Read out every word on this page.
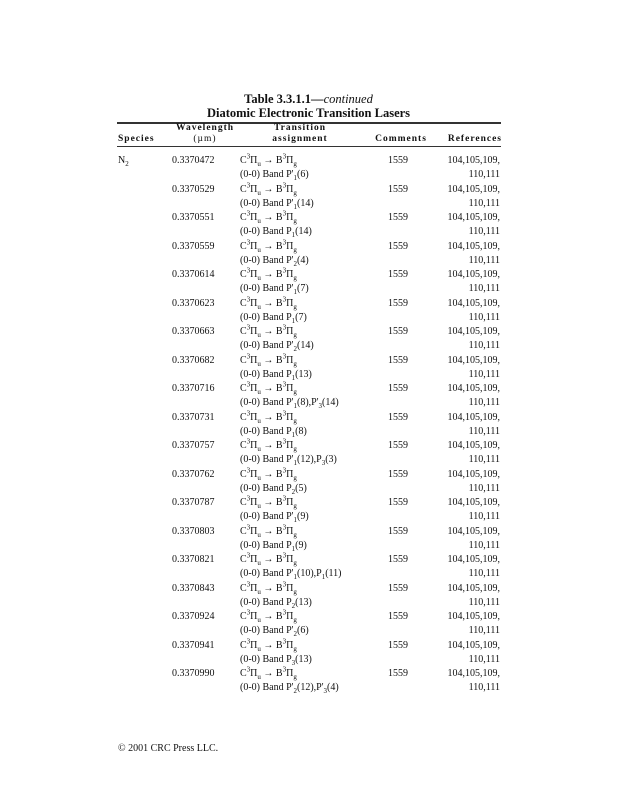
Table 3.3.1.1—continued
Diatomic Electronic Transition Lasers
Species
Wavelength
(µm)
Transition
assignment	Comments	References
$N_2$	0.3370472	$C^3\Pi_u \to B^3\Pi_g$
(0-0) Band $P'_1(6)$
1559	104,105,109,
110,111
0.3370529	$C^3\Pi_u \to B^3\Pi_g$
(0-0) Band $P'_1(14)$
1559	104,105,109,
110,111
0.3370551	$C^3\Pi_u \to B^3\Pi_g$
(0-0) Band $P_1(14)$
1559	104,105,109,
110,111
0.3370559	$C^3\Pi_u \to B^3\Pi_g$
(0-0) Band $P'_2(4)$
1559	104,105,109,
110,111
0.3370614	$C^3\Pi_u \to B^3\Pi_g$
(0-0) Band $P'_1(7)$
1559	104,105,109,
110,111
0.3370623	$C^3\Pi_u \to B^3\Pi_g$
(0-0) Band $P_1(7)$
1559	104,105,109,
110,111
0.3370663	$C^3\Pi_u \to B^3\Pi_g$
(0-0) Band $P'_2(14)$
1559	104,105,109,
110,111
0.3370682	$C^3\Pi_u \to B^3\Pi_g$
(0-0) Band $P_1(13)$
1559	104,105,109,
110,111
0.3370716	$C^3\Pi_u \to B^3\Pi_g$
(0-0) Band $P'_1(8),P'_3(14)$
1559	104,105,109,
110,111
0.3370731	$C^3\Pi_u \to B^3\Pi_g$
(0-0) Band $P_1(8)$
1559	104,105,109,
110,111
0.3370757	$C^3\Pi_u \to B^3\Pi_g$
(0-0) Band $P'_1(12),P_3(3)$
1559	104,105,109,
110,111
0.3370762	$C^3\Pi_u \to B^3\Pi_g$
(0-0) Band $P_2(5)$
1559	104,105,109,
110,111
0.3370787	$C^3\Pi_u \to B^3\Pi_g$
(0-0) Band $P'_1(9)$
1559	104,105,109,
110,111
0.3370803	$C^3\Pi_u \to B^3\Pi_g$
(0-0) Band $P_1(9)$
1559	104,105,109,
110,111
0.3370821	$C^3\Pi_u \to B^3\Pi_g$
(0-0) Band $P'_1(10),P_1(11)$
1559	104,105,109,
110,111
0.3370843	$C^3\Pi_u \to B^3\Pi_g$
(0-0) Band $P_2(13)$
1559	104,105,109,
110,111
0.3370924	$C^3\Pi_u \to B^3\Pi_g$
(0-0) Band $P'_2(6)$
1559	104,105,109,
110,111
0.3370941	$C^3\Pi_u \to B^3\Pi_g$
(0-0) Band $P_3(13)$
1559	104,105,109,
110,111
0.3370990	$C^3\Pi_u \to B^3\Pi_g$
(0-0) Band $P'_2(12),P'_3(4)$
1559	104,105,109,
110,111
© 2001 CRC Press LLC.
